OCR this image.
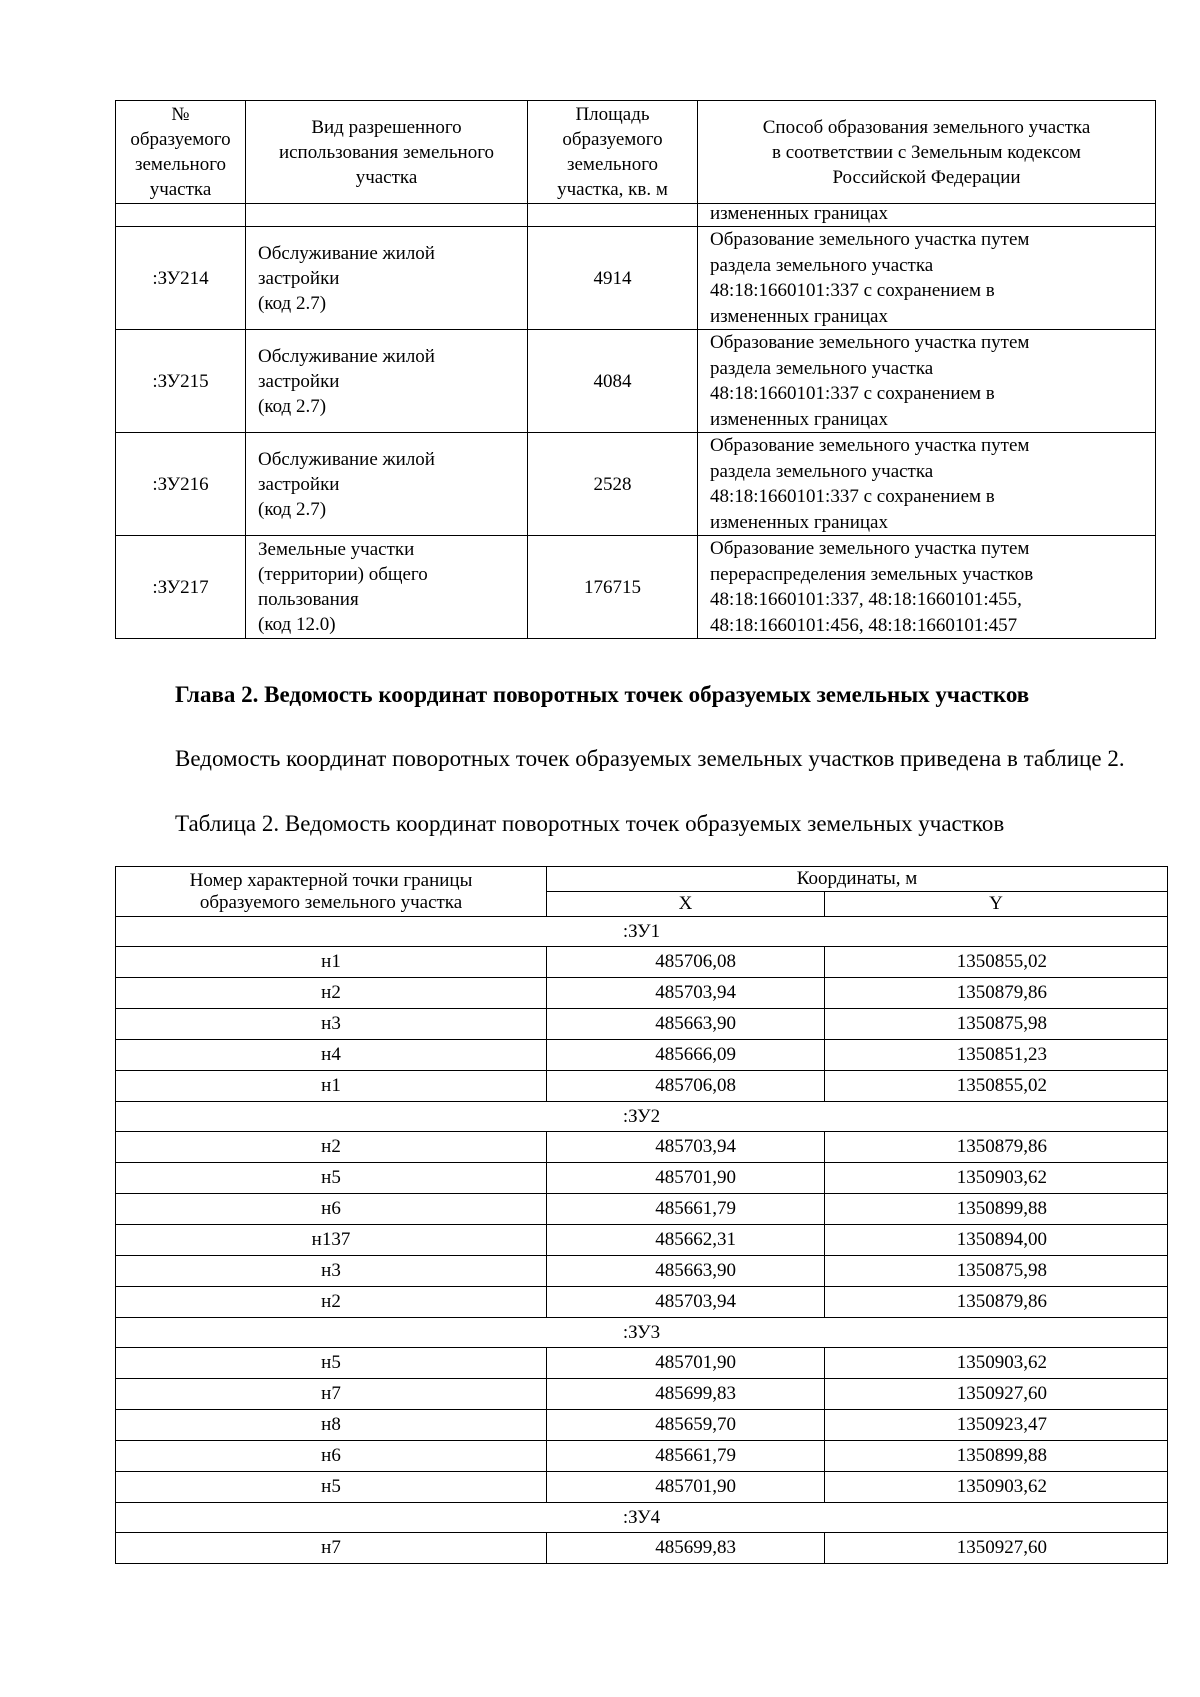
№
образуемого
земельного
участка	Вид разрешенного
использования земельного
участка	Площадь
образуемого
земельного
участка, кв. м	Способ образования земельного участка
в соответствии с Земельным кодексом
Российской Федерации
			измененных границах
:ЗУ214	Обслуживание жилой
застройки
(код 2.7)	4914	Образование земельного участка путем
раздела земельного участка
48:18:1660101:337 с сохранением в
измененных границах
:ЗУ215	Обслуживание жилой
застройки
(код 2.7)	4084	Образование земельного участка путем
раздела земельного участка
48:18:1660101:337 с сохранением в
измененных границах
:ЗУ216	Обслуживание жилой
застройки
(код 2.7)	2528	Образование земельного участка путем
раздела земельного участка
48:18:1660101:337 с сохранением в
измененных границах
:ЗУ217	Земельные участки
(территории) общего
пользования
(код 12.0)	176715	Образование земельного участка путем
перераспределения земельных участков
48:18:1660101:337, 48:18:1660101:455,
48:18:1660101:456, 48:18:1660101:457
Глава 2. Ведомость координат поворотных точек образуемых земельных участков
Ведомость координат поворотных точек образуемых земельных участков приведена в таблице 2.
Таблица 2. Ведомость координат поворотных точек образуемых земельных участков
Номер характерной точки границы
образуемого земельного участка	Координаты, м	
	X	Y
:ЗУ1		
н1	485706,08	1350855,02
н2	485703,94	1350879,86
н3	485663,90	1350875,98
н4	485666,09	1350851,23
н1	485706,08	1350855,02
:ЗУ2		
н2	485703,94	1350879,86
н5	485701,90	1350903,62
н6	485661,79	1350899,88
н137	485662,31	1350894,00
н3	485663,90	1350875,98
н2	485703,94	1350879,86
:ЗУ3		
н5	485701,90	1350903,62
н7	485699,83	1350927,60
н8	485659,70	1350923,47
н6	485661,79	1350899,88
н5	485701,90	1350903,62
:ЗУ4		
н7	485699,83	1350927,60
